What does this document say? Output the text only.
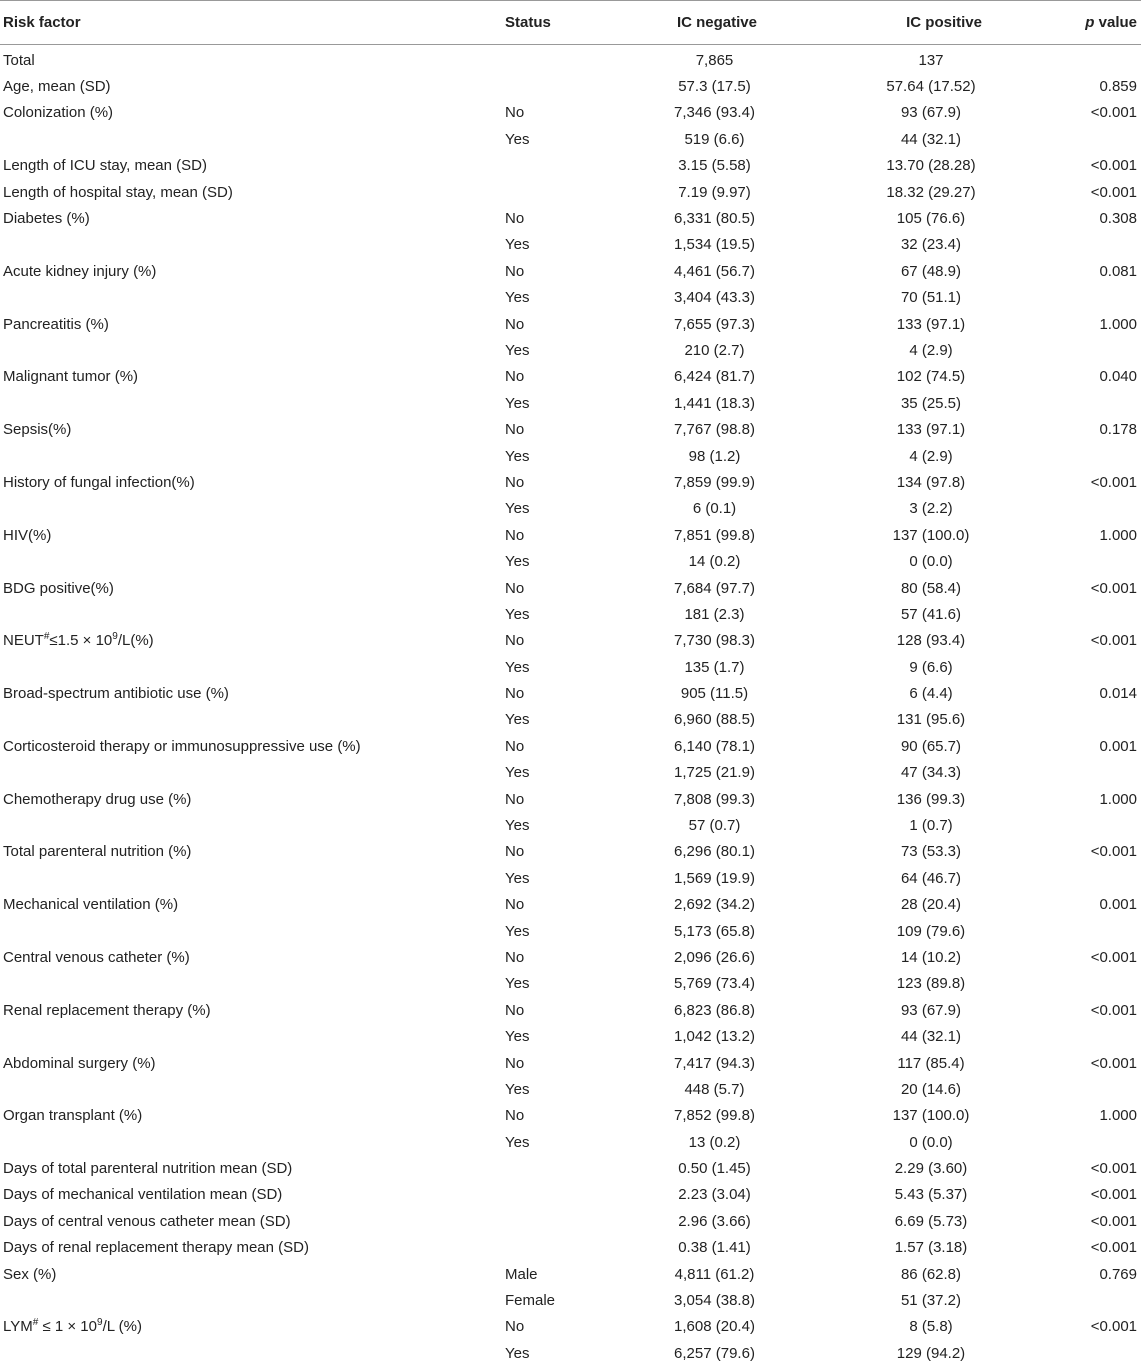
Risk factor	Status	IC negative	IC positive	p value
Total		7,865	137	
Age, mean (SD)		57.3 (17.5)	57.64 (17.52)	0.859
Colonization (%)	No	7,346 (93.4)	93 (67.9)	<0.001
	Yes	519 (6.6)	44 (32.1)	
Length of ICU stay, mean (SD)		3.15 (5.58)	13.70 (28.28)	<0.001
Length of hospital stay, mean (SD)		7.19 (9.97)	18.32 (29.27)	<0.001
Diabetes (%)	No	6,331 (80.5)	105 (76.6)	0.308
	Yes	1,534 (19.5)	32 (23.4)	
Acute kidney injury (%)	No	4,461 (56.7)	67 (48.9)	0.081
	Yes	3,404 (43.3)	70 (51.1)	
Pancreatitis (%)	No	7,655 (97.3)	133 (97.1)	1.000
	Yes	210 (2.7)	4 (2.9)	
Malignant tumor (%)	No	6,424 (81.7)	102 (74.5)	0.040
	Yes	1,441 (18.3)	35 (25.5)	
Sepsis(%)	No	7,767 (98.8)	133 (97.1)	0.178
	Yes	98 (1.2)	4 (2.9)	
History of fungal infection(%)	No	7,859 (99.9)	134 (97.8)	<0.001
	Yes	6 (0.1)	3 (2.2)	
HIV(%)	No	7,851 (99.8)	137 (100.0)	1.000
	Yes	14 (0.2)	0 (0.0)	
BDG positive(%)	No	7,684 (97.7)	80 (58.4)	<0.001
	Yes	181 (2.3)	57 (41.6)	
NEUT#≤1.5 × $10^9/L(\%)$	No	7,730 (98.3)	128 (93.4)	<0.001
	Yes	135 (1.7)	9 (6.6)	
Broad-spectrum antibiotic use (%)	No	905 (11.5)	6 (4.4)	0.014
	Yes	6,960 (88.5)	131 (95.6)	
Corticosteroid therapy or immunosuppressive use (%)	No	6,140 (78.1)	90 (65.7)	0.001
	Yes	1,725 (21.9)	47 (34.3)	
Chemotherapy drug use (%)	No	7,808 (99.3)	136 (99.3)	1.000
	Yes	57 (0.7)	1 (0.7)	
Total parenteral nutrition (%)	No	6,296 (80.1)	73 (53.3)	<0.001
	Yes	1,569 (19.9)	64 (46.7)	
Mechanical ventilation (%)	No	2,692 (34.2)	28 (20.4)	0.001
	Yes	5,173 (65.8)	109 (79.6)	
Central venous catheter (%)	No	2,096 (26.6)	14 (10.2)	<0.001
	Yes	5,769 (73.4)	123 (89.8)	
Renal replacement therapy (%)	No	6,823 (86.8)	93 (67.9)	<0.001
	Yes	1,042 (13.2)	44 (32.1)	
Abdominal surgery (%)	No	7,417 (94.3)	117 (85.4)	<0.001
	Yes	448 (5.7)	20 (14.6)	
Organ transplant (%)	No	7,852 (99.8)	137 (100.0)	1.000
	Yes	13 (0.2)	0 (0.0)	
Days of total parenteral nutrition mean (SD)		0.50 (1.45)	2.29 (3.60)	<0.001
Days of mechanical ventilation mean (SD)		2.23 (3.04)	5.43 (5.37)	<0.001
Days of central venous catheter mean (SD)		2.96 (3.66)	6.69 (5.73)	<0.001
Days of renal replacement therapy mean (SD)		0.38 (1.41)	1.57 (3.18)	<0.001
Sex (%)	Male	4,811 (61.2)	86 (62.8)	0.769
	Female	3,054 (38.8)	51 (37.2)	
$LYM^{\#} \le 1 \times 10^9/L$ (%)	No	1,608 (20.4)	8 (5.8)	<0.001
	Yes	6,257 (79.6)	129 (94.2)	
